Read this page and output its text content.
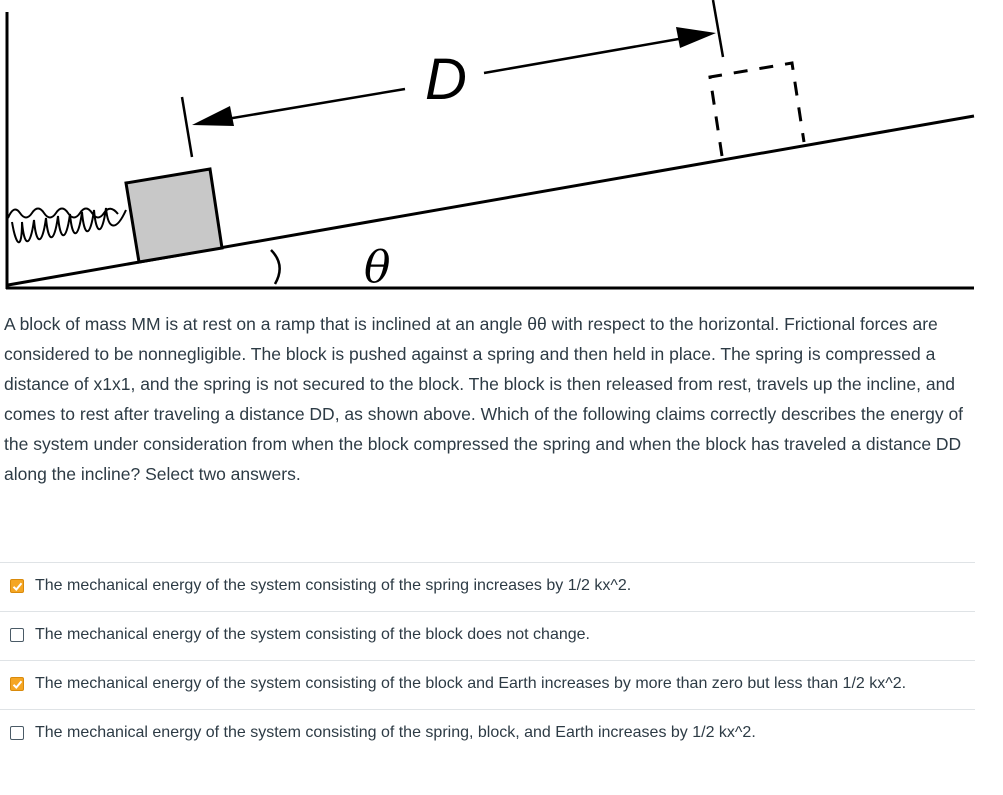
D
θ

A block of mass MM is at rest on a ramp that is inclined at an angle θθ with respect to the horizontal. Frictional forces are considered to be nonnegligible. The block is pushed against a spring and then held in place. The spring is compressed a distance of x1x1, and the spring is not secured to the block. The block is then released from rest, travels up the incline, and comes to rest after traveling a distance DD, as shown above. Which of the following claims correctly describes the energy of the system under consideration from when the block compressed the spring and when the block has traveled a distance DD along the incline? Select two answers.

The mechanical energy of the system consisting of the spring increases by 1/2 kx^2.
The mechanical energy of the system consisting of the block does not change.
The mechanical energy of the system consisting of the block and Earth increases by more than zero but less than 1/2 kx^2.
The mechanical energy of the system consisting of the spring, block, and Earth increases by 1/2 kx^2.
